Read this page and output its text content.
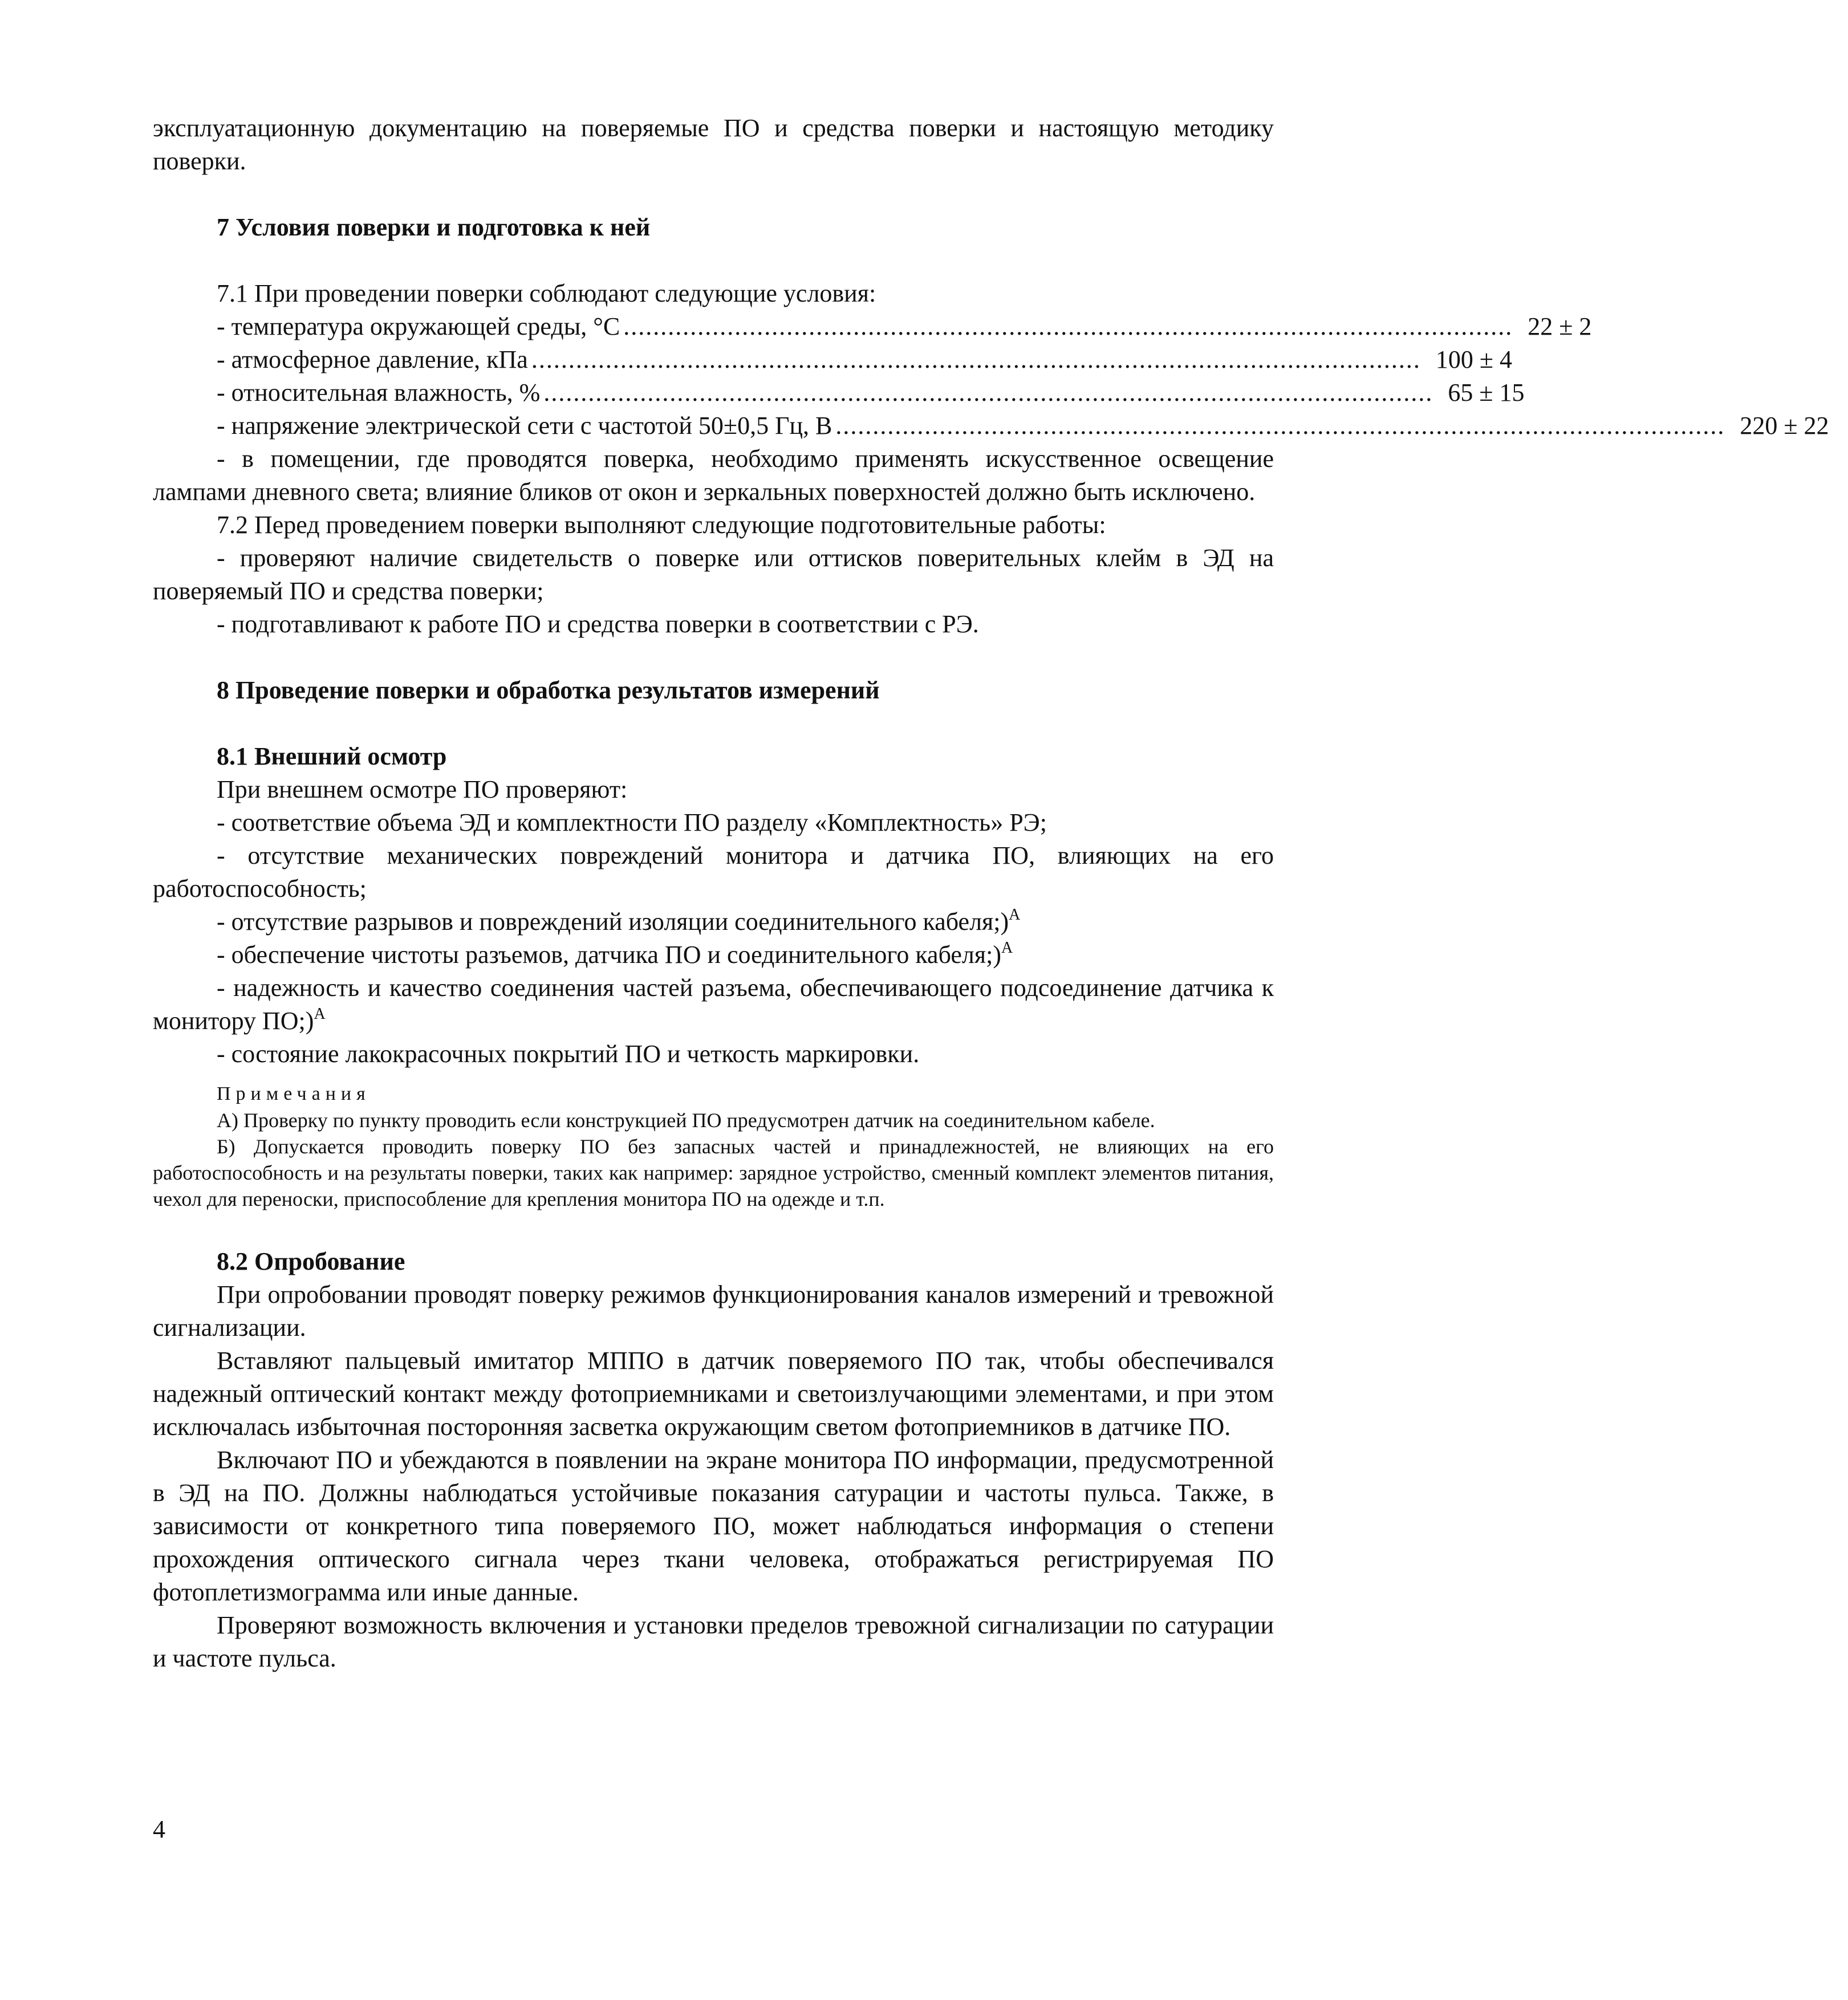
эксплуатационную документацию на поверяемые ПО и средства поверки и настоящую методику поверки.

7 Условия поверки и подготовка к ней

7.1 При проведении поверки соблюдают следующие условия:

- температура окружающей среды, °С ........................................................................................................................ 22 ± 2
- атмосферное давление, кПа ........................................................................................................................ 100 ± 4
- относительная влажность, % ........................................................................................................................ 65 ± 15
- напряжение электрической сети с частотой 50±0,5 Гц, В ........................................................................................................................ 220 ± 22

- в помещении, где проводятся поверка, необходимо применять искусственное освещение лампами дневного света; влияние бликов от окон и зеркальных поверхностей должно быть исключено.

7.2 Перед проведением поверки выполняют следующие подготовительные работы:

- проверяют наличие свидетельств о поверке или оттисков поверительных клейм в ЭД на поверяемый ПО и средства поверки;

- подготавливают к работе ПО и средства поверки в соответствии с РЭ.

8 Проведение поверки и обработка результатов измерений

8.1 Внешний осмотр

При внешнем осмотре ПО проверяют:

- соответствие объема ЭД и комплектности ПО разделу «Комплектность» РЭ;

- отсутствие механических повреждений монитора и датчика ПО, влияющих на его работоспособность;

- отсутствие разрывов и повреждений изоляции соединительного кабеля;)$^А$

- обеспечение чистоты разъемов, датчика ПО и соединительного кабеля;)$^А$

- надежность и качество соединения частей разъема, обеспечивающего подсоединение датчика к монитору ПО;)$^А$

- состояние лакокрасочных покрытий ПО и четкость маркировки.

Примечания

А) Проверку по пункту проводить если конструкцией ПО предусмотрен датчик на соединительном кабеле.

Б) Допускается проводить поверку ПО без запасных частей и принадлежностей, не влияющих на его работоспособность и на результаты поверки, таких как например: зарядное устройство, сменный комплект элементов питания, чехол для переноски, приспособление для крепления монитора ПО на одежде и т.п.

8.2 Опробование

При опробовании проводят поверку режимов функционирования каналов измерений и тревожной сигнализации.

Вставляют пальцевый имитатор МППО в датчик поверяемого ПО так, чтобы обеспечивался надежный оптический контакт между фотоприемниками и светоизлучающими элементами, и при этом исключалась избыточная посторонняя засветка окружающим светом фотоприемников в датчике ПО.

Включают ПО и убеждаются в появлении на экране монитора ПО информации, предусмотренной в ЭД на ПО. Должны наблюдаться устойчивые показания сатурации и частоты пульса. Также, в зависимости от конкретного типа поверяемого ПО, может наблюдаться информация о степени прохождения оптического сигнала через ткани человека, отображаться регистрируемая ПО фотоплетизмограмма или иные данные.

Проверяют возможность включения и установки пределов тревожной сигнализации по сатурации и частоте пульса.

4
